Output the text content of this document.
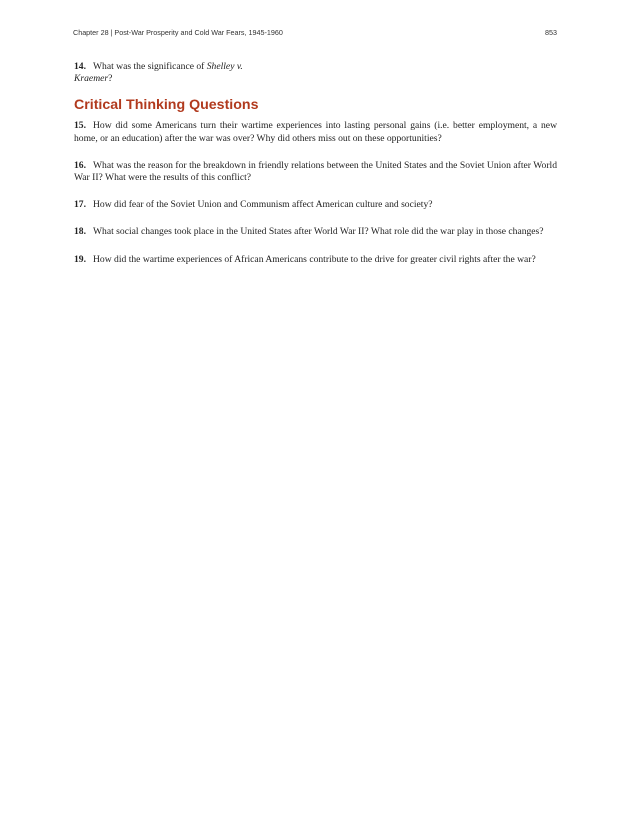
Chapter 28 | Post-War Prosperity and Cold War Fears, 1945-1960	853

14. What was the significance of Shelley v.
Kraemer?

Critical Thinking Questions

15. How did some Americans turn their wartime experiences into lasting personal gains (i.e. better employment, a new home, or an education) after the war was over? Why did others miss out on these opportunities?

16. What was the reason for the breakdown in friendly relations between the United States and the Soviet Union after World War II? What were the results of this conflict?

17. How did fear of the Soviet Union and Communism affect American culture and society?

18. What social changes took place in the United States after World War II? What role did the war play in those changes?

19. How did the wartime experiences of African Americans contribute to the drive for greater civil rights after the war?
